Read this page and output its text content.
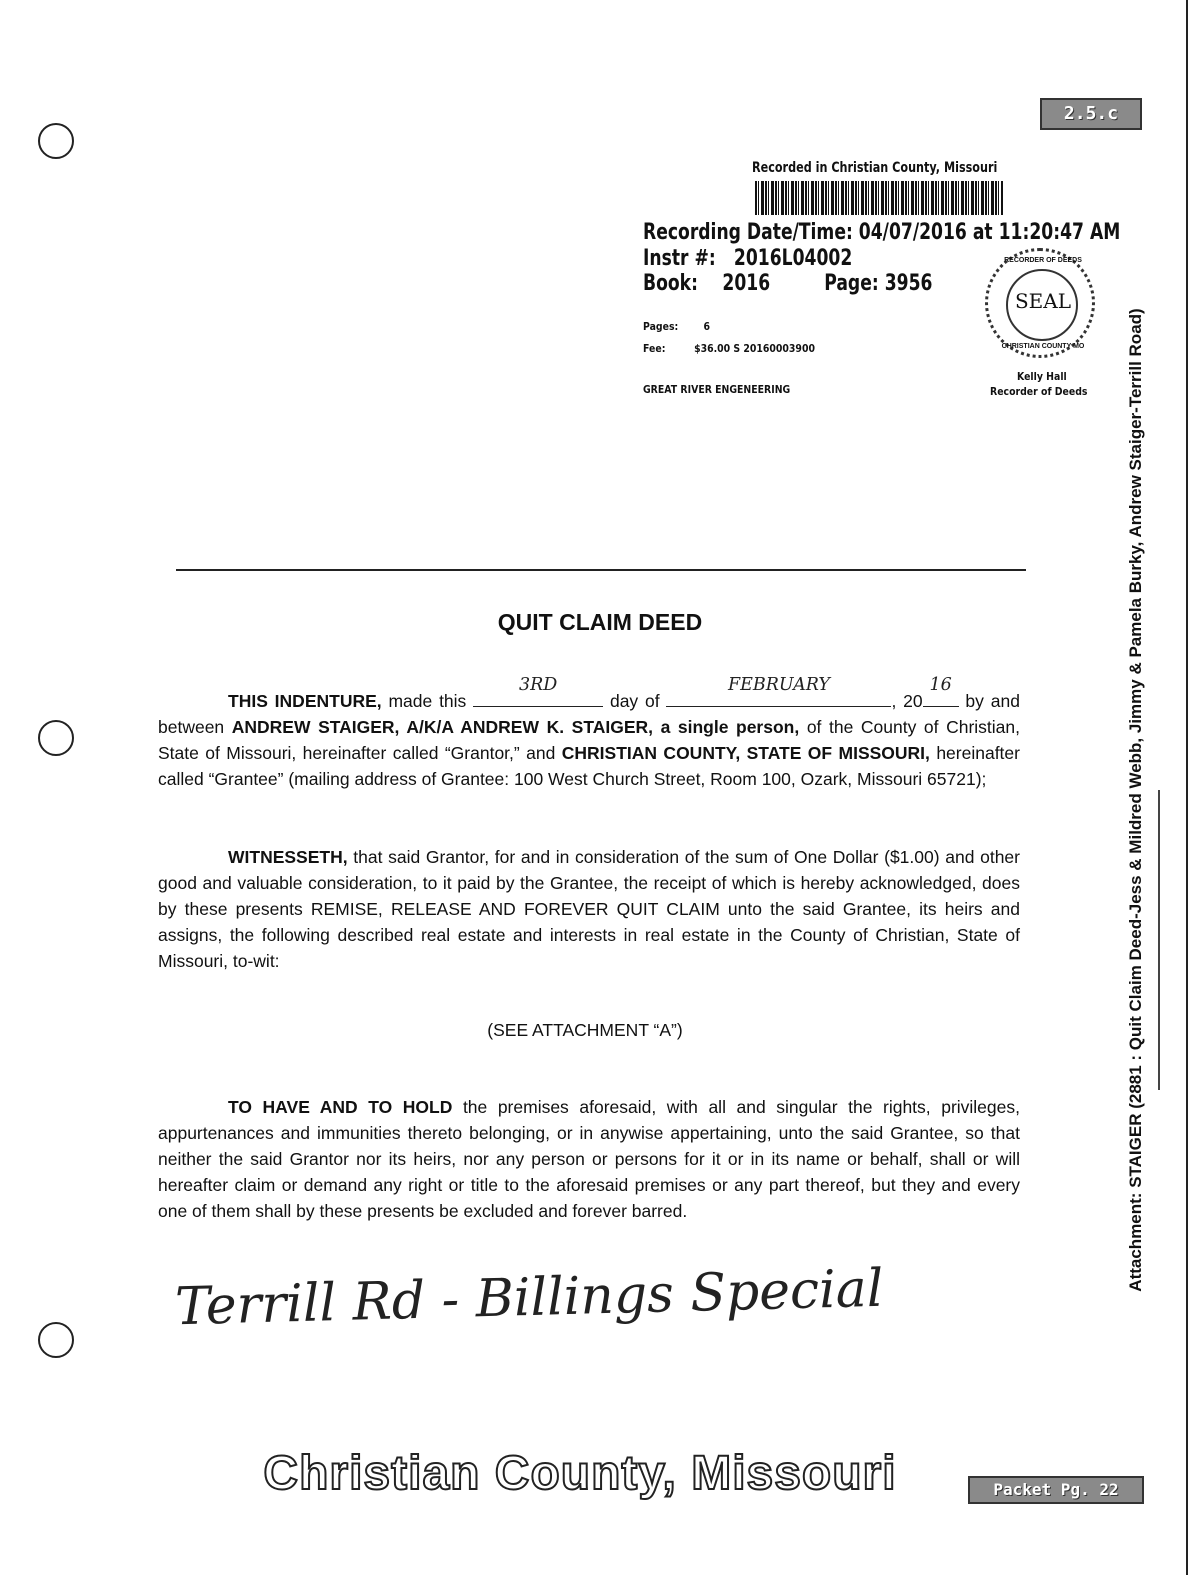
2.5.c
Recorded in Christian County, Missouri
Recording Date/Time: 04/07/2016 at 11:20:47 AM
Instr #: 2016L04002
Book: 2016 Page: 3956
Pages: 6
Fee:	$36.00 S 20160003900
GREAT RIVER ENGENEERING
SEAL
RECORDER OF DEEDS
CHRISTIAN COUNTY MO
Kelly Hall
Recorder of Deeds
QUIT CLAIM DEED
THIS INDENTURE, made this
3RD
day of
FEBRUARY
, 20
16
by and between ANDREW STAIGER, A/K/A ANDREW K. STAIGER, a single person, of the County of Christian, State of Missouri, hereinafter called “Grantor,” and CHRISTIAN COUNTY, STATE OF MISSOURI, hereinafter called “Grantee” (mailing address of Grantee: 100 West Church Street, Room 100, Ozark, Missouri 65721);
WITNESSETH, that said Grantor, for and in consideration of the sum of One Dollar ($1.00) and other good and valuable consideration, to it paid by the Grantee, the receipt of which is hereby acknowledged, does by these presents REMISE, RELEASE AND FOREVER QUIT CLAIM unto the said Grantee, its heirs and assigns, the following described real estate and interests in real estate in the County of Christian, State of Missouri, to-wit:
(SEE ATTACHMENT “A”)
TO HAVE AND TO HOLD the premises aforesaid, with all and singular the rights, privileges, appurtenances and immunities thereto belonging, or in anywise appertaining, unto the said Grantee, so that neither the said Grantor nor its heirs, nor any person or persons for it or in its name or behalf, shall or will hereafter claim or demand any right or title to the aforesaid premises or any part thereof, but they and every one of them shall by these presents be excluded and forever barred.
Terrill Rd - Billings Special
Christian County, Missouri	Packet Pg. 22
Attachment: STAIGER (2881 : Quit Claim Deed-Jess & Mildred Webb, Jimmy & Pamela Burky, Andrew Staiger-Terrill Road)
